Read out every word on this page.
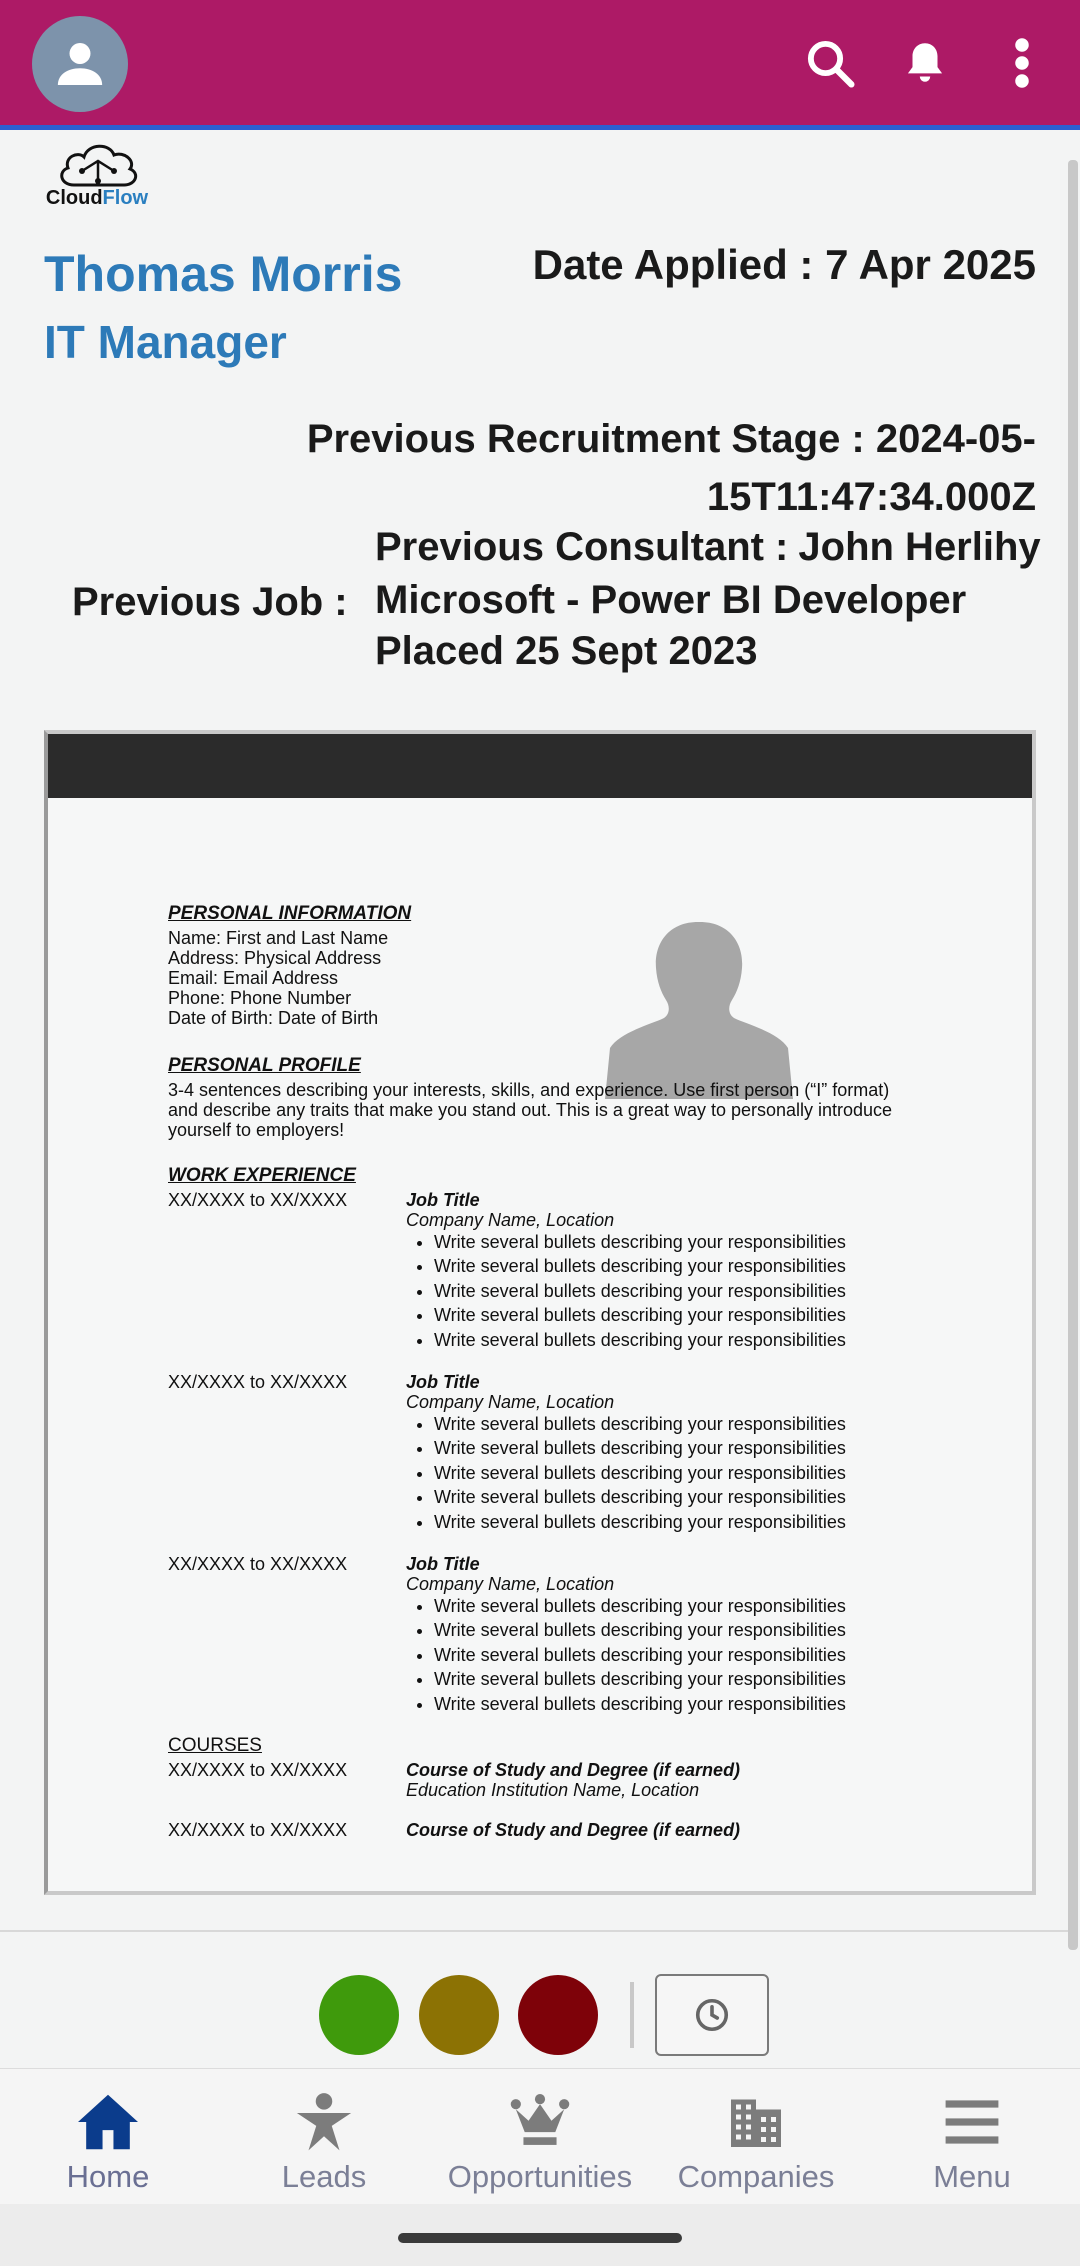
CloudFlow
Thomas Morris
IT Manager
Date Applied : 7 Apr 2025
Previous Recruitment Stage : 2024-05-15T11:47:34.000Z
Previous Consultant : John Herlihy
Previous Job : Microsoft - Power BI Developer
Placed 25 Sept 2023
PERSONAL INFORMATION
Name: First and Last Name
Address: Physical Address
Email: Email Address
Phone: Phone Number
Date of Birth: Date of Birth
PERSONAL PROFILE
3-4 sentences describing your interests, skills, and experience. Use first person (“I” format) and describe any traits that make you stand out. This is a great way to personally introduce yourself to employers!
WORK EXPERIENCE
XX/XXXX to XX/XXXX	Job Title
Company Name, Location
• Write several bullets describing your responsibilities
• Write several bullets describing your responsibilities
• Write several bullets describing your responsibilities
• Write several bullets describing your responsibilities
• Write several bullets describing your responsibilities
XX/XXXX to XX/XXXX	Job Title
Company Name, Location
• Write several bullets describing your responsibilities
• Write several bullets describing your responsibilities
• Write several bullets describing your responsibilities
• Write several bullets describing your responsibilities
• Write several bullets describing your responsibilities
XX/XXXX to XX/XXXX	Job Title
Company Name, Location
• Write several bullets describing your responsibilities
• Write several bullets describing your responsibilities
• Write several bullets describing your responsibilities
• Write several bullets describing your responsibilities
• Write several bullets describing your responsibilities
COURSES
XX/XXXX to XX/XXXX	Course of Study and Degree (if earned)
Education Institution Name, Location
XX/XXXX to XX/XXXX	Course of Study and Degree (if earned)
Home	Leads	Opportunities	Companies	Menu
